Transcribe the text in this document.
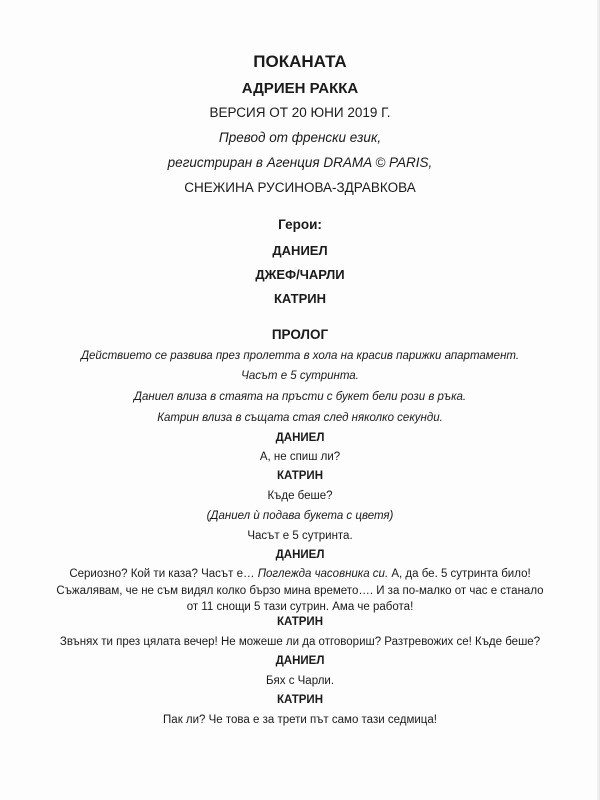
ПОКАНАТА
АДРИЕН РАККА
ВЕРСИЯ ОТ 20 ЮНИ 2019 Г.
Превод от френски език,
регистриран в Агенция DRAMA © PARIS,
СНЕЖИНА РУСИНОВА-ЗДРАВКОВА
Герои:
ДАНИЕЛ
ДЖЕФ/ЧАРЛИ
КАТРИН
ПРОЛОГ
Действието се развива през пролетта в хола на красив парижки апартамент.
Часът е 5 сутринта.
Даниел влиза в стаята на пръсти с букет бели рози в ръка.
Катрин влиза в същата стая след няколко секунди.
ДАНИЕЛ
А, не спиш ли?
КАТРИН
Къде беше?
(Даниел ѝ подава букета с цветя)
Часът е 5 сутринта.
ДАНИЕЛ
Сериозно? Кой ти каза? Часът е… Поглежда часовника си. А, да бе. 5 сутринта било! Съжалявам, че не съм видял колко бързо мина времето…. И за по-малко от час е станало от 11 снощи 5 тази сутрин. Ама че работа!
КАТРИН
Звънях ти през цялата вечер! Не можеше ли да отговориш? Разтревожих се! Къде беше?
ДАНИЕЛ
Бях с Чарли.
КАТРИН
Пак ли? Че това е за трети път само тази седмица!
